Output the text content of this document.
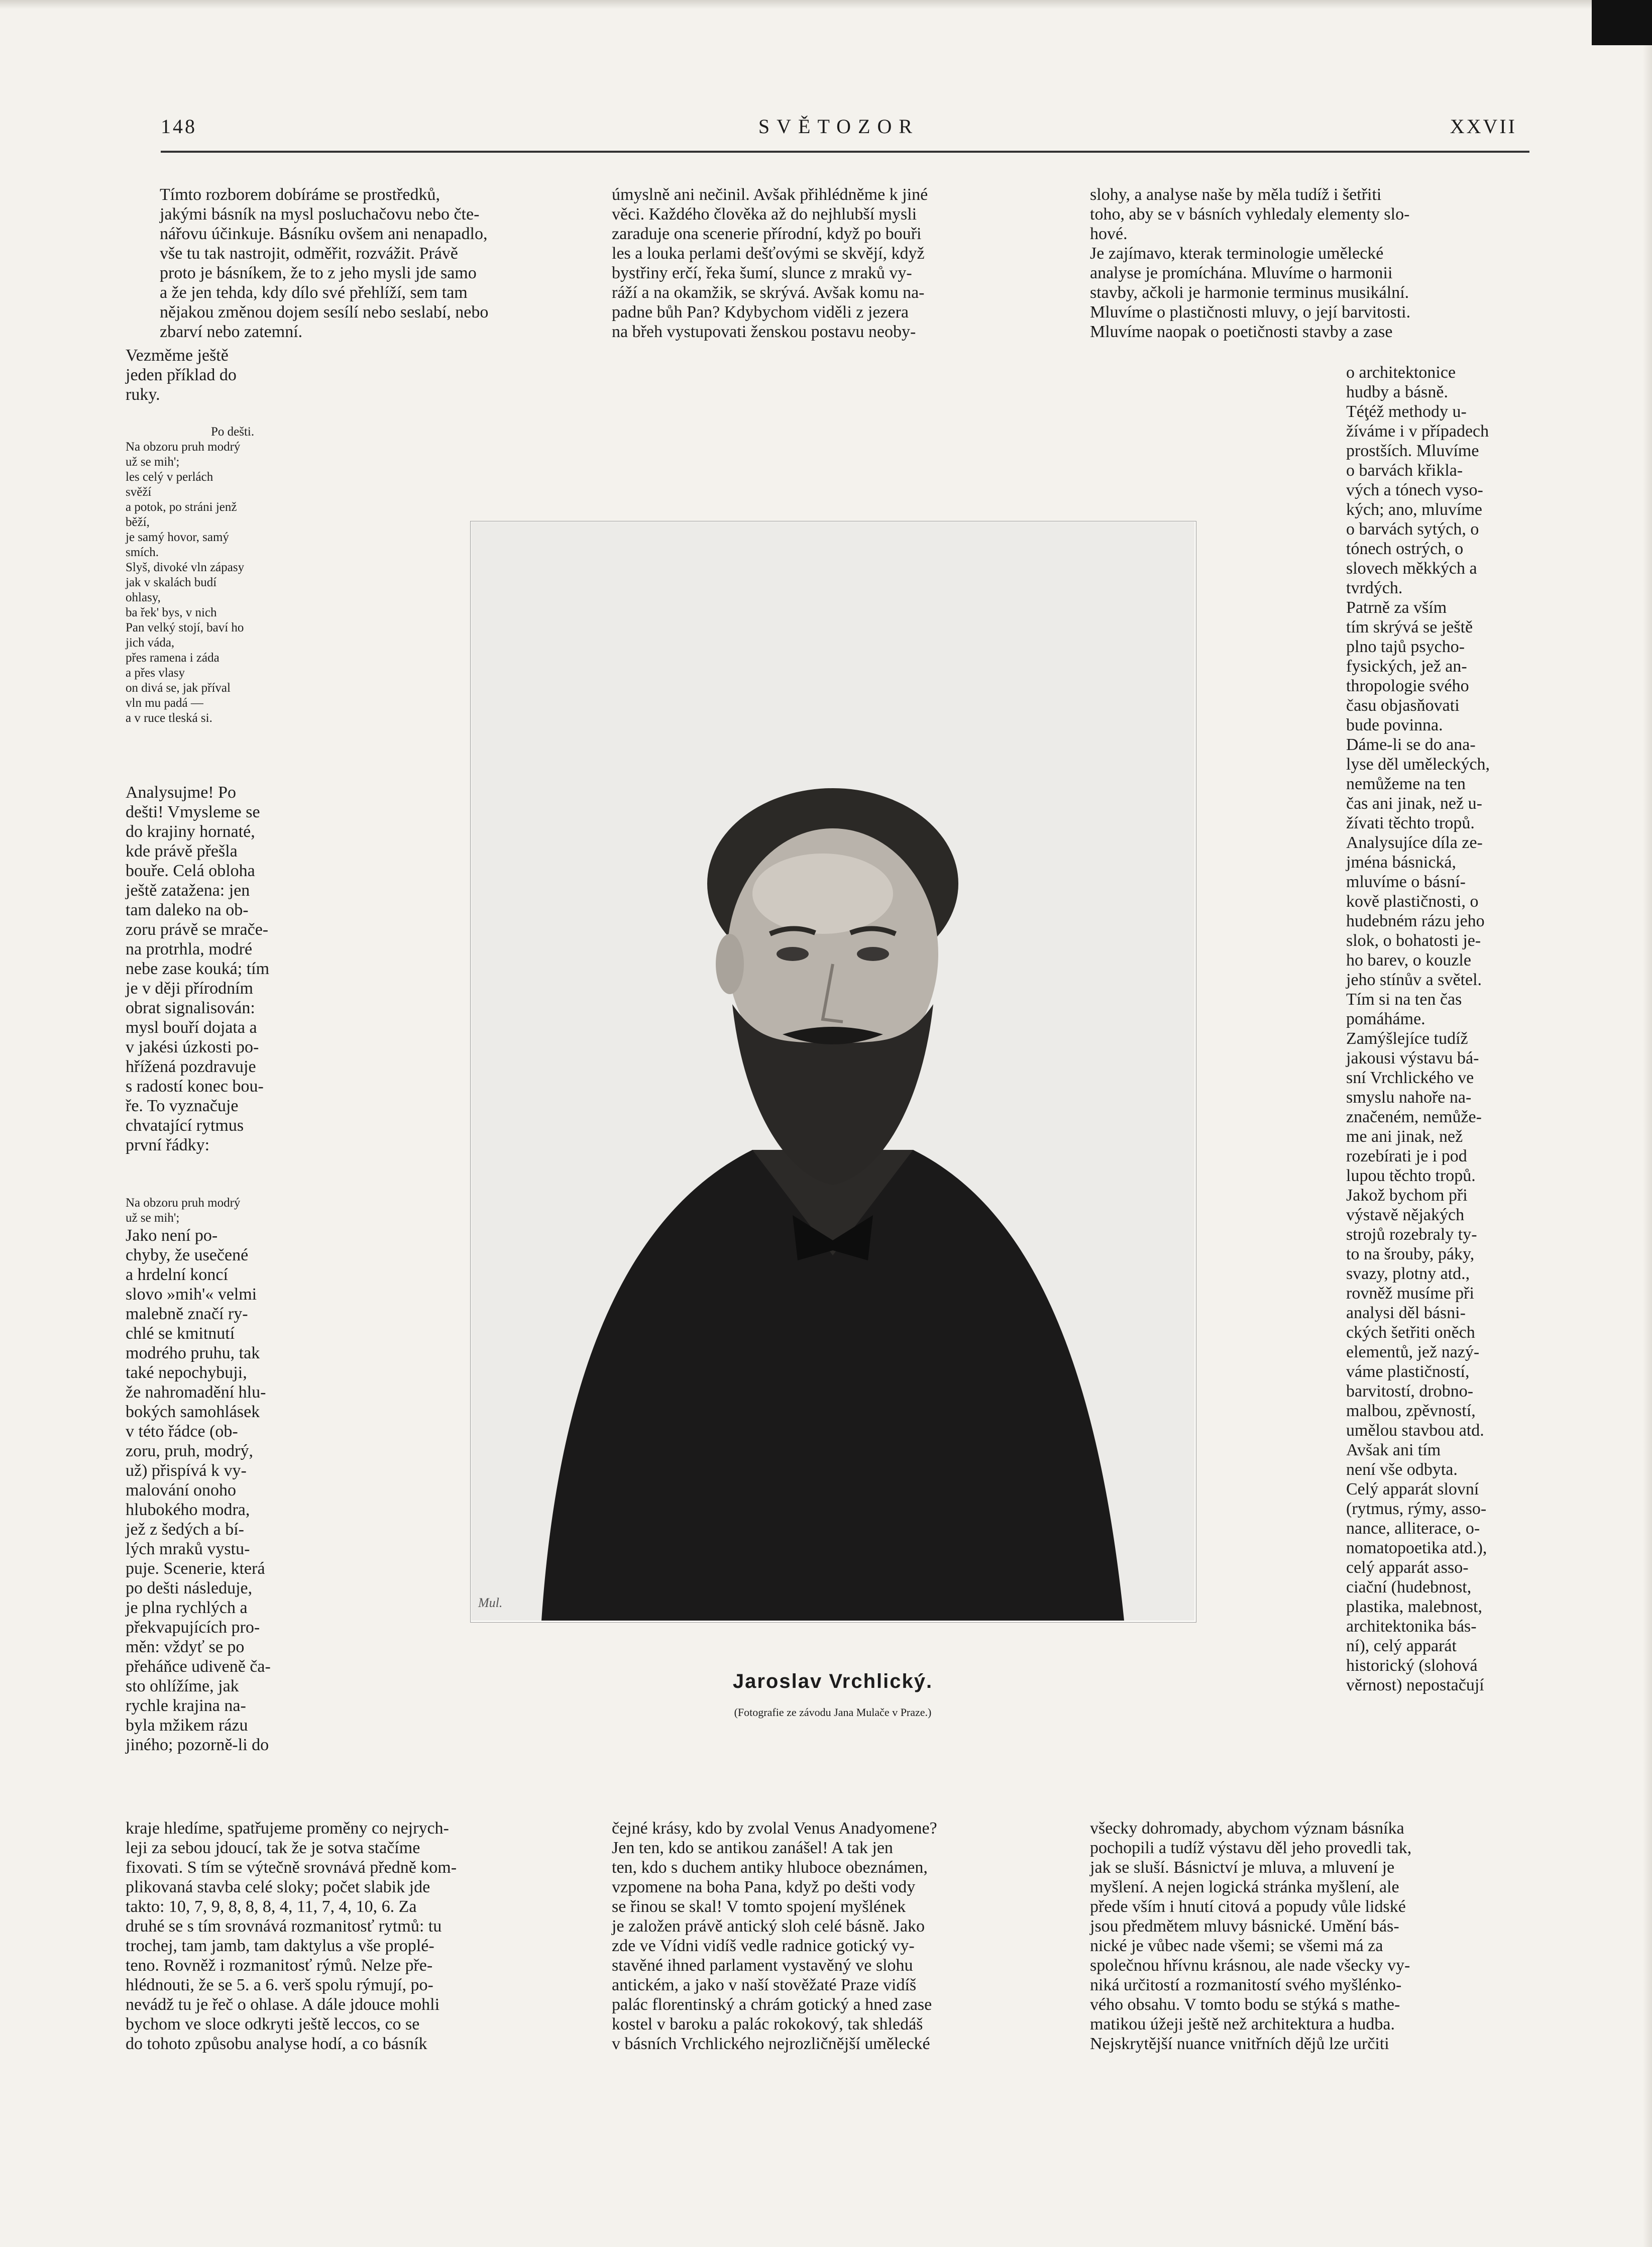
148	SVĚTOZOR	XXVII
Tímto rozborem dobíráme se prostředků,
jakými básník na mysl posluchačovu nebo čte-
nářovu účinkuje. Básníku ovšem ani nenapadlo,
vše tu tak nastrojit, odměřit, rozvážit. Právě
proto je básníkem, že to z jeho mysli jde samo
a že jen tehda, kdy dílo své přehlíží, sem tam
nějakou změnou dojem sesílí nebo seslabí, nebo
zbarví nebo zatemní.
Vezměme ještě
jeden příklad do
ruky.
Po dešti.
Na obzoru pruh modrý
už se mih';
les celý v perlách
svěží
a potok, po stráni jenž
běží,
je samý hovor, samý
smích.
Slyš, divoké vln zápasy
jak v skalách budí
ohlasy,
ba řek' bys, v nich
Pan velký stojí, baví ho
jich váda,
přes ramena i záda
a přes vlasy
on divá se, jak příval
vln mu padá —
a v ruce tleská si.
Analysujme! Po
dešti! Vmysleme se
do krajiny hornaté,
kde právě přešla
bouře. Celá obloha
ještě zatažena: jen
tam daleko na ob-
zoru právě se mrače-
na protrhla, modré
nebe zase kouká; tím
je v ději přírodním
obrat signalisován:
mysl bouří dojata a
v jakési úzkosti po-
hřížená pozdravuje
s radostí konec bou-
ře. To vyznačuje
chvatající rytmus
první řádky:
Na obzoru pruh modrý
už se mih';
Jako není po-
chyby, že usečené
a hrdelní koncí
slovo »mih'« velmi
malebně značí ry-
chlé se kmitnutí
modrého pruhu, tak
také nepochybuji,
že nahromadění hlu-
bokých samohlásek
v této řádce (ob-
zoru, pruh, modrý,
už) přispívá k vy-
malování onoho
hlubokého modra,
jež z šedých a bí-
lých mraků vystu-
puje. Scenerie, která
po dešti následuje,
je plna rychlých a
překvapujících pro-
měn: vždyť se po
přeháňce udiveně ča-
sto ohlížíme, jak
rychle krajina na-
byla mžikem rázu
jiného; pozorně-li do
úmyslně ani nečinil. Avšak přihlédněme k jiné
věci. Každého člověka až do nejhlubší mysli
zaraduje ona scenerie přírodní, když po bouři
les a louka perlami dešťovými se skvějí, když
bystřiny erčí, řeka šumí, slunce z mraků vy-
ráží a na okamžik, se skrývá. Avšak komu na-
padne bůh Pan? Kdybychom viděli z jezera
na břeh vystupovati ženskou postavu neoby-
slohy, a analyse naše by měla tudíž i šetřiti
toho, aby se v básních vyhledaly elementy slo-
hové.
Je zajímavo, kterak terminologie umělecké
analyse je promíchána. Mluvíme o harmonii
stavby, ačkoli je harmonie terminus musikální.
Mluvíme o plastičnosti mluvy, o její barvitosti.
Mluvíme naopak o poetičnosti stavby a zase
o architektonice
hudby a básně.
Téţéž methody u-
žíváme i v případech
prostších. Mluvíme
o barvách křikla-
vých a tónech vyso-
kých; ano, mluvíme
o barvách sytých, o
tónech ostrých, o
slovech měkkých a
tvrdých.
Patrně za vším
tím skrývá se ještě
plno tajů psycho-
fysických, jež an-
thropologie svého
času objasňovati
bude povinna.
Dáme-li se do ana-
lyse děl uměleckých,
nemůžeme na ten
čas ani jinak, než u-
žívati těchto tropů.
Analysujíce díla ze-
jména básnická,
mluvíme o básní-
kově plastičnosti, o
hudebném rázu jeho
slok, o bohatosti je-
ho barev, o kouzle
jeho stínův a světel.
Tím si na ten čas
pomáháme.
Zamýšlejíce tudíž
jakousi výstavu bá-
sní Vrchlického ve
smyslu nahoře na-
značeném, nemůže-
me ani jinak, než
rozebírati je i pod
lupou těchto tropů.
Jakož bychom při
výstavě nějakých
strojů rozebraly ty-
to na šrouby, páky,
svazy, plotny atd.,
rovněž musíme při
analysi děl básni-
ckých šetřiti oněch
elementů, jež nazý-
váme plastičností,
barvitostí, drobno-
malbou, zpěvností,
umělou stavbou atd.
Avšak ani tím
není vše odbyta.
Celý apparát slovní
(rytmus, rýmy, asso-
nance, alliterace, o-
nomatopoetika atd.),
celý apparát asso-
ciační (hudebnost,
plastika, malebnost,
architektonika bás-
ní), celý apparát
historický (slohová
věrnost) nepostačují
Mul.
Jaroslav Vrchlický.
(Fotografie ze závodu Jana Mulače v Praze.)
kraje hledíme, spatřujeme proměny co nejrych-
leji za sebou jdoucí, tak že je sotva stačíme
fixovati. S tím se výtečně srovnává předně kom-
plikovaná stavba celé sloky; počet slabik jde
takto: 10, 7, 9, 8, 8, 8, 4, 11, 7, 4, 10, 6. Za
druhé se s tím srovnává rozmanitosť rytmů: tu
trochej, tam jamb, tam daktylus a vše proplé-
teno. Rovněž i rozmanitosť rýmů. Nelze pře-
hlédnouti, že se 5. a 6. verš spolu rýmují, po-
nevádž tu je řeč o ohlase. A dále jdouce mohli
bychom ve sloce odkryti ještě leccos, co se
do tohoto způsobu analyse hodí, a co básník
čejné krásy, kdo by zvolal Venus Anadyomene?
Jen ten, kdo se antikou zanášel! A tak jen
ten, kdo s duchem antiky hluboce obeznámen,
vzpomene na boha Pana, když po dešti vody
se řinou se skal! V tomto spojení myšlének
je založen právě antický sloh celé básně. Jako
zde ve Vídni vidíš vedle radnice gotický vy-
stavěné ihned parlament vystavěný ve slohu
antickém, a jako v naší stověžaté Praze vidíš
palác florentinský a chrám gotický a hned zase
kostel v baroku a palác rokokový, tak shledáš
v básních Vrchlického nejrozličnější umělecké
všecky dohromady, abychom význam básníka
pochopili a tudíž výstavu děl jeho provedli tak,
jak se sluší. Básnictví je mluva, a mluvení je
myšlení. A nejen logická stránka myšlení, ale
přede vším i hnutí citová a popudy vůle lidské
jsou předmětem mluvy básnické. Umění bás-
nické je vůbec nade všemi; se všemi má za
společnou hřívnu krásnou, ale nade všecky vy-
niká určitostí a rozmanitostí svého myšlénko-
vého obsahu. V tomto bodu se stýká s mathe-
matikou úžeji ještě než architektura a hudba.
Nejskrytější nuance vnitřních dějů lze určiti
